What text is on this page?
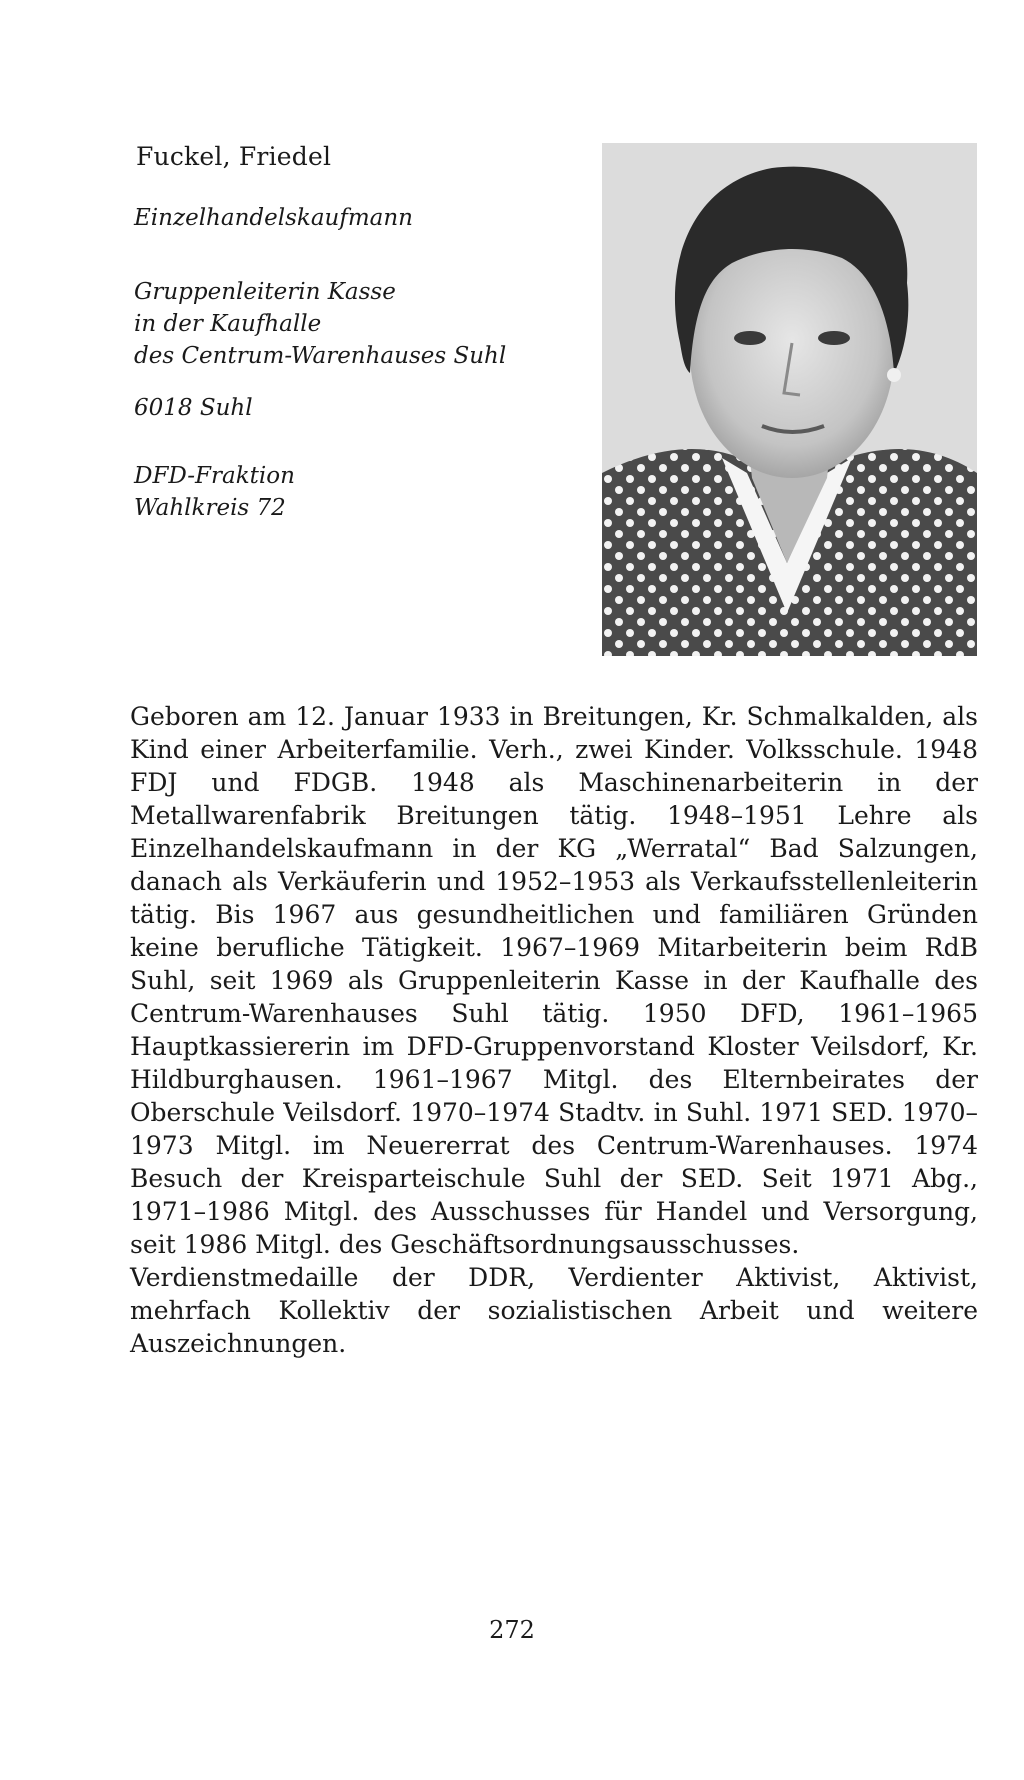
Fuckel, Friedel

Einzelhandelskaufmann

Gruppenleiterin Kasse
in der Kaufhalle
des Centrum-Warenhauses Suhl

6018 Suhl

DFD-Fraktion
Wahlkreis 72

Geboren am 12. Januar 1933 in Breitungen, Kr. Schmalkalden, als Kind einer Arbeiterfamilie. Verh., zwei Kinder. Volksschule. 1948 FDJ und FDGB. 1948 als Maschinenarbeiterin in der Metallwarenfabrik Breitungen tätig. 1948–1951 Lehre als Einzelhandelskaufmann in der KG „Werratal“ Bad Salzungen, danach als Verkäuferin und 1952–1953 als Verkaufsstellenleiterin tätig. Bis 1967 aus gesundheitlichen und familiären Gründen keine berufliche Tätigkeit. 1967–1969 Mitarbeiterin beim RdB Suhl, seit 1969 als Gruppenleiterin Kasse in der Kaufhalle des Centrum-Warenhauses Suhl tätig. 1950 DFD, 1961–1965 Hauptkassiererin im DFD-Gruppenvorstand Kloster Veilsdorf, Kr. Hildburghausen. 1961–1967 Mitgl. des Elternbeirates der Oberschule Veilsdorf. 1970–1974 Stadtv. in Suhl. 1971 SED. 1970–1973 Mitgl. im Neuererrat des Centrum-Warenhauses. 1974 Besuch der Kreisparteischule Suhl der SED. Seit 1971 Abg., 1971–1986 Mitgl. des Ausschusses für Handel und Versorgung, seit 1986 Mitgl. des Geschäftsordnungsausschusses.

Verdienstmedaille der DDR, Verdienter Aktivist, Aktivist, mehrfach Kollektiv der sozialistischen Arbeit und weitere Auszeichnungen.

272
